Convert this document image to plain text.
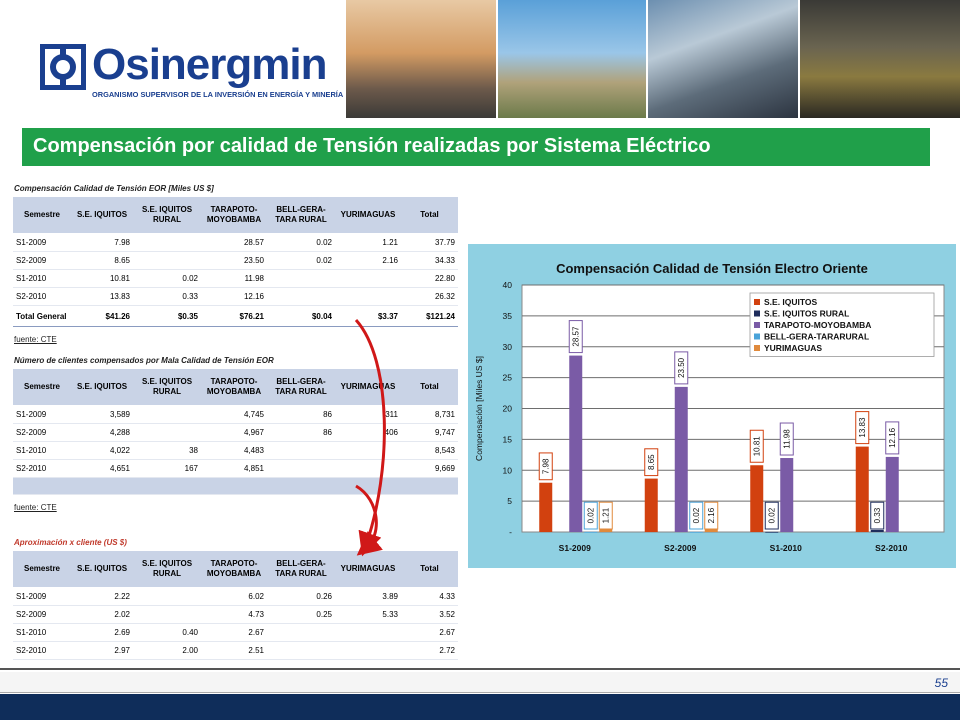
Osinergmin
ORGANISMO SUPERVISOR DE LA INVERSIÓN EN ENERGÍA Y MINERÍA
Compensación por calidad de Tensión realizadas por Sistema Eléctrico
Compensación Calidad de Tensión EOR [Miles US $]
Semestre	S.E. IQUITOS	S.E. IQUITOS RURAL	TARAPOTO-MOYOBAMBA	BELL-GERA-TARA RURAL	YURIMAGUAS	Total
S1-2009	7.98		28.57	0.02	1.21	37.79
S2-2009	8.65		23.50	0.02	2.16	34.33
S1-2010	10.81	0.02	11.98			22.80
S2-2010	13.83	0.33	12.16			26.32
Total General	$41.26	$0.35	$76.21	$0.04	$3.37	$121.24
fuente: CTE
Número de clientes compensados por Mala Calidad de Tensión EOR
Semestre	S.E. IQUITOS	S.E. IQUITOS RURAL	TARAPOTO-MOYOBAMBA	BELL-GERA-TARA RURAL	YURIMAGUAS	Total
S1-2009	3,589		4,745	86	311	8,731
S2-2009	4,288		4,967	86	406	9,747
S1-2010	4,022	38	4,483			8,543
S2-2010	4,651	167	4,851			9,669

fuente: CTE
Aproximación x cliente (US $)
Semestre	S.E. IQUITOS	S.E. IQUITOS RURAL	TARAPOTO-MOYOBAMBA	BELL-GERA-TARA RURAL	YURIMAGUAS	Total
S1-2009	2.22		6.02	0.26	3.89	4.33
S2-2009	2.02		4.73	0.25	5.33	3.52
S1-2010	2.69	0.40	2.67			2.67
S2-2010	2.97	2.00	2.51			2.72
Compensación Calidad de Tensión Electro Oriente
-
5
10
15
20
25
30
35
40
Compensación [Miles US $]
S1-2009	S2-2009	S1-2010	S2-2010
7.98	8.65
10.81
13.83
0.02	0.33
28.57
23.50
11.98	12.16
0.02	0.02
1.21	2.16
S.E. IQUITOS
S.E. IQUITOS RURAL
TARAPOTO-MOYOBAMBA
BELL-GERA-TARARURAL
YURIMAGUAS
55
